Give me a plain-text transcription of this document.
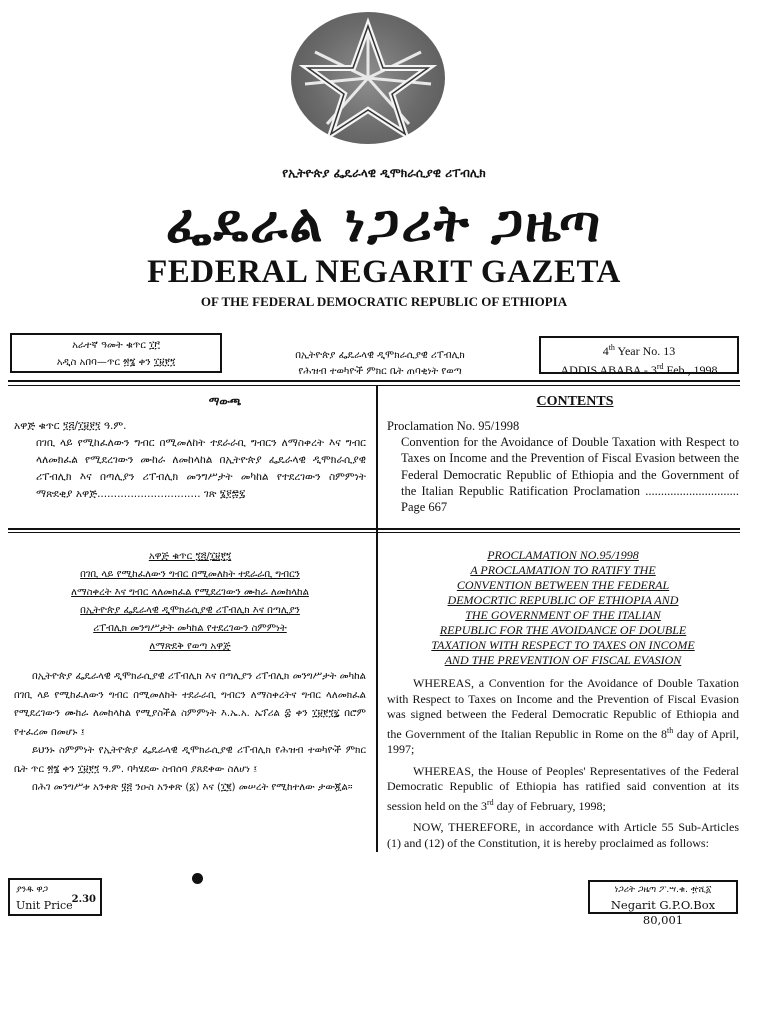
የኢትዮጵያ ፌዴራላዊ ዲሞክራሲያዊ ሪፐብሊክ
ፌዴራል ነጋሪት ጋዜጣ
FEDERAL NEGARIT GAZETA
OF THE FEDERAL DEMOCRATIC REPUBLIC OF ETHIOPIA
አራተኛ ዓመት ቁጥር ፲፫
አዲስ አበባ—ጥር ፳፮ ቀን ፲፱፻፺
በኢትዮጵያ ፌዴራላዊ ዲሞክራሲያዊ ሪፐብሊክ
የሕዝብ ተወካዮች ምክር ቤት ጠባቂነት የወጣ
4th Year No. 13
ADDIS ABABA - 3rd Feb., 1998
ማውጫ
አዋጅ ቁጥር ፺፭/፲፱፻፺ ዓ.ም.
በገቢ ላይ የሚከፈለውን ግብር በሚመለከት ተደራራቢ ግብርን ለማስቀረት እና ግብር ላለመክፈል የሚደረገውን ሙከራ ለመከላከል በኢትዮጵያ ፌዴራላዊ ዲሞክራሲያዊ ሪፐብሊክ እና በጣሊያን ሪፐብሊክ መንግሥታት መካከል የተደረገውን ስምምነት ማጽደቂያ አዋጅ............................... ገጽ ፮፻፷፯
CONTENTS
Proclamation No. 95/1998
Convention for the Avoidance of Double Taxation with Respect to Taxes on Income and the Prevention of Fiscal Evasion between the Federal Democratic Republic of Ethiopia and the Government of the Italian Republic Ratification Proclamation .............................. Page 667
አዋጅ ቁጥር ፺፭/፲፱፻፺
በገቢ ላይ የሚከፈለውን ግብር በሚመለከት ተደራራቢ ግብርን
ለማስቀረት እና ግብር ላለመክፈል የሚደረገውን ሙከራ ለመከላከል
በኢትዮጵያ ፌዴራላዊ ዲሞክራሲያዊ ሪፐብሊክ እና በጣሊያን
ሪፐብሊክ መንግሥታት መካከል የተደረገውን ስምምነት
ለማጽደቅ የወጣ አዋጅ

በኢትዮጵያ ፌዴራላዊ ዲሞክራሲያዊ ሪፐብሊክ እና በጣሊያን ሪፐብሊክ መንግሥታት መካከል በገቢ ላይ የሚከፈለውን ግብር በሚመለከት ተደራራቢ ግብርን ለማስቀረትና ግብር ላለመክፈል የሚደረገውን ሙከራ ለመከላከል የሚያስችል ስምምነት እ.ኤ.አ. ኤፕሪል ፰ ቀን ፲፱፻፺፯ በሮም የተፈረመ በመሆኑ ፤

ይህንኑ ስምምነት የኢትዮጵያ ፌዴራላዊ ዲሞክራሲያዊ ሪፐብሊክ የሕዝብ ተወካዮች ምክር ቤት ጥር ፳፮ ቀን ፲፱፻፺ ዓ.ም. ባካሄደው ስብሰባ ያጸደቀው ስለሆነ ፤

በሕገ መንግሥቱ አንቀጽ ፶፭ ንዑስ አንቀጽ (፩) እና (፲፪) መሠረት የሚከተለው ታውጇል።

PROCLAMATION NO.95/1998
A PROCLAMATION TO RATIFY THE
CONVENTION BETWEEN THE FEDERAL
DEMOCRTIC REPUBLIC OF ETHIOPIA AND
THE GOVERNMENT OF THE ITALIAN
REPUBLIC FOR THE AVOIDANCE OF DOUBLE
TAXATION WITH RESPECT TO TAXES ON INCOME
AND THE PREVENTION OF FISCAL EVASION

WHEREAS, a Convention for the Avoidance of Double Taxation with Respect to Taxes on Income and the Prevention of Fiscal Evasion was signed between the Federal Democratic Republic of Ethiopia and the Government of the Italian Republic in Rome on the 8th day of April, 1997;

WHEREAS, the House of Peoples' Representatives of the Federal Democratic Republic of Ethiopia has ratified said convention at its session held on the 3rd day of February, 1998;

NOW, THEREFORE, in accordance with Article 55 Sub-Articles (1) and (12) of the Constitution, it is hereby proclaimed as follows:

ያንዱ ዋጋ
Unit Price 2.30
ነጋሪት ጋዜጣ ፖ.ሣ.ቁ. ፹ሺ፩
Negarit G.P.O.Box 80,001
